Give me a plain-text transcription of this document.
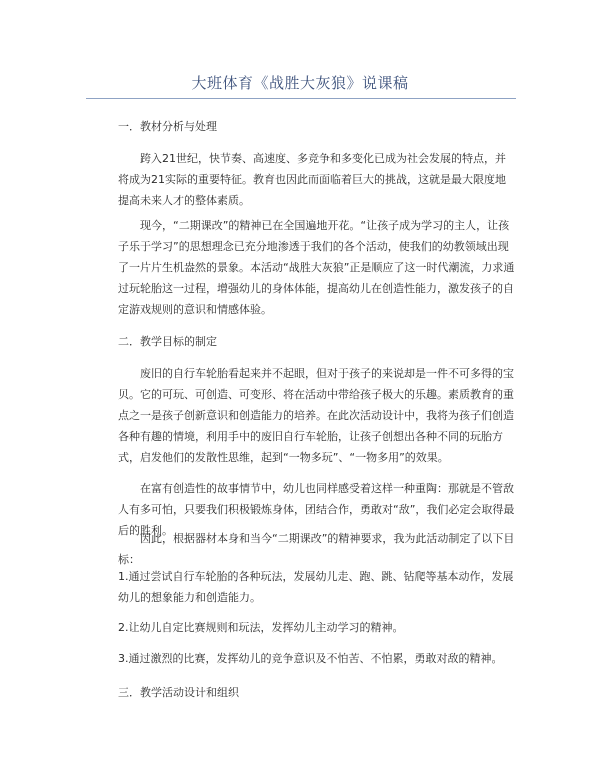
大班体育《战胜大灰狼》说课稿
一．教材分析与处理

跨入21世纪，快节奏、高速度、多竞争和多变化已成为社会发展的特点，并将成为21实际的重要特征。教育也因此而面临着巨大的挑战，这就是最大限度地提高未来人才的整体素质。

现今，“二期课改”的精神已在全国遍地开花。“让孩子成为学习的主人，让孩子乐于学习”的思想理念已充分地渗透于我们的各个活动，使我们的幼教领域出现了一片片生机盎然的景象。本活动“战胜大灰狼”正是顺应了这一时代潮流，力求通过玩轮胎这一过程，增强幼儿的身体体能，提高幼儿在创造性能力，激发孩子的自定游戏规则的意识和情感体验。

二．教学目标的制定

废旧的自行车轮胎看起来并不起眼，但对于孩子的来说却是一件不可多得的宝贝。它的可玩、可创造、可变形、将在活动中带给孩子极大的乐趣。素质教育的重点之一是孩子创新意识和创造能力的培养。在此次活动设计中，我将为孩子们创造各种有趣的情境，利用手中的废旧自行车轮胎，让孩子创想出各种不同的玩胎方式，启发他们的发散性思维，起到“一物多玩”、“一物多用”的效果。

在富有创造性的故事情节中，幼儿也同样感受着这样一种重陶：那就是不管敌人有多可怕，只要我们积极锻炼身体，团结合作，勇敢对“敌”，我们必定会取得最后的胜利。

因此，根据器材本身和当今“二期课改”的精神要求，我为此活动制定了以下目标：

1.通过尝试自行车轮胎的各种玩法，发展幼儿走、跑、跳、钻爬等基本动作，发展幼儿的想象能力和创造能力。

2.让幼儿自定比赛规则和玩法，发挥幼儿主动学习的精神。

3.通过激烈的比赛，发挥幼儿的竞争意识及不怕苦、不怕累，勇敢对敌的精神。

三．教学活动设计和组织
